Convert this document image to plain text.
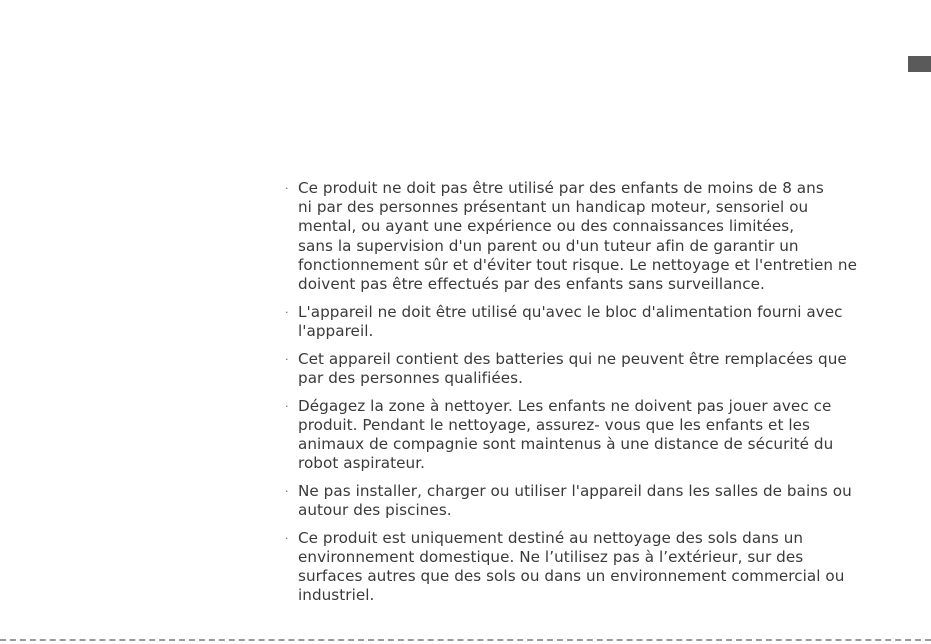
· Ce produit ne doit pas être utilisé par des enfants de moins de 8 ans
ni par des personnes présentant un handicap moteur, sensoriel ou
mental, ou ayant une expérience ou des connaissances limitées,
sans la supervision d'un parent ou d'un tuteur afin de garantir un
fonctionnement sûr et d'éviter tout risque. Le nettoyage et l'entretien ne
doivent pas être effectués par des enfants sans surveillance.
· L'appareil ne doit être utilisé qu'avec le bloc d'alimentation fourni avec
l'appareil.
· Cet appareil contient des batteries qui ne peuvent être remplacées que
par des personnes qualifiées.
· Dégagez la zone à nettoyer. Les enfants ne doivent pas jouer avec ce
produit. Pendant le nettoyage, assurez- vous que les enfants et les
animaux de compagnie sont maintenus à une distance de sécurité du
robot aspirateur.
· Ne pas installer, charger ou utiliser l'appareil dans les salles de bains ou
autour des piscines.
· Ce produit est uniquement destiné au nettoyage des sols dans un
environnement domestique. Ne l’utilisez pas à l’extérieur, sur des
surfaces autres que des sols ou dans un environnement commercial ou
industriel.
